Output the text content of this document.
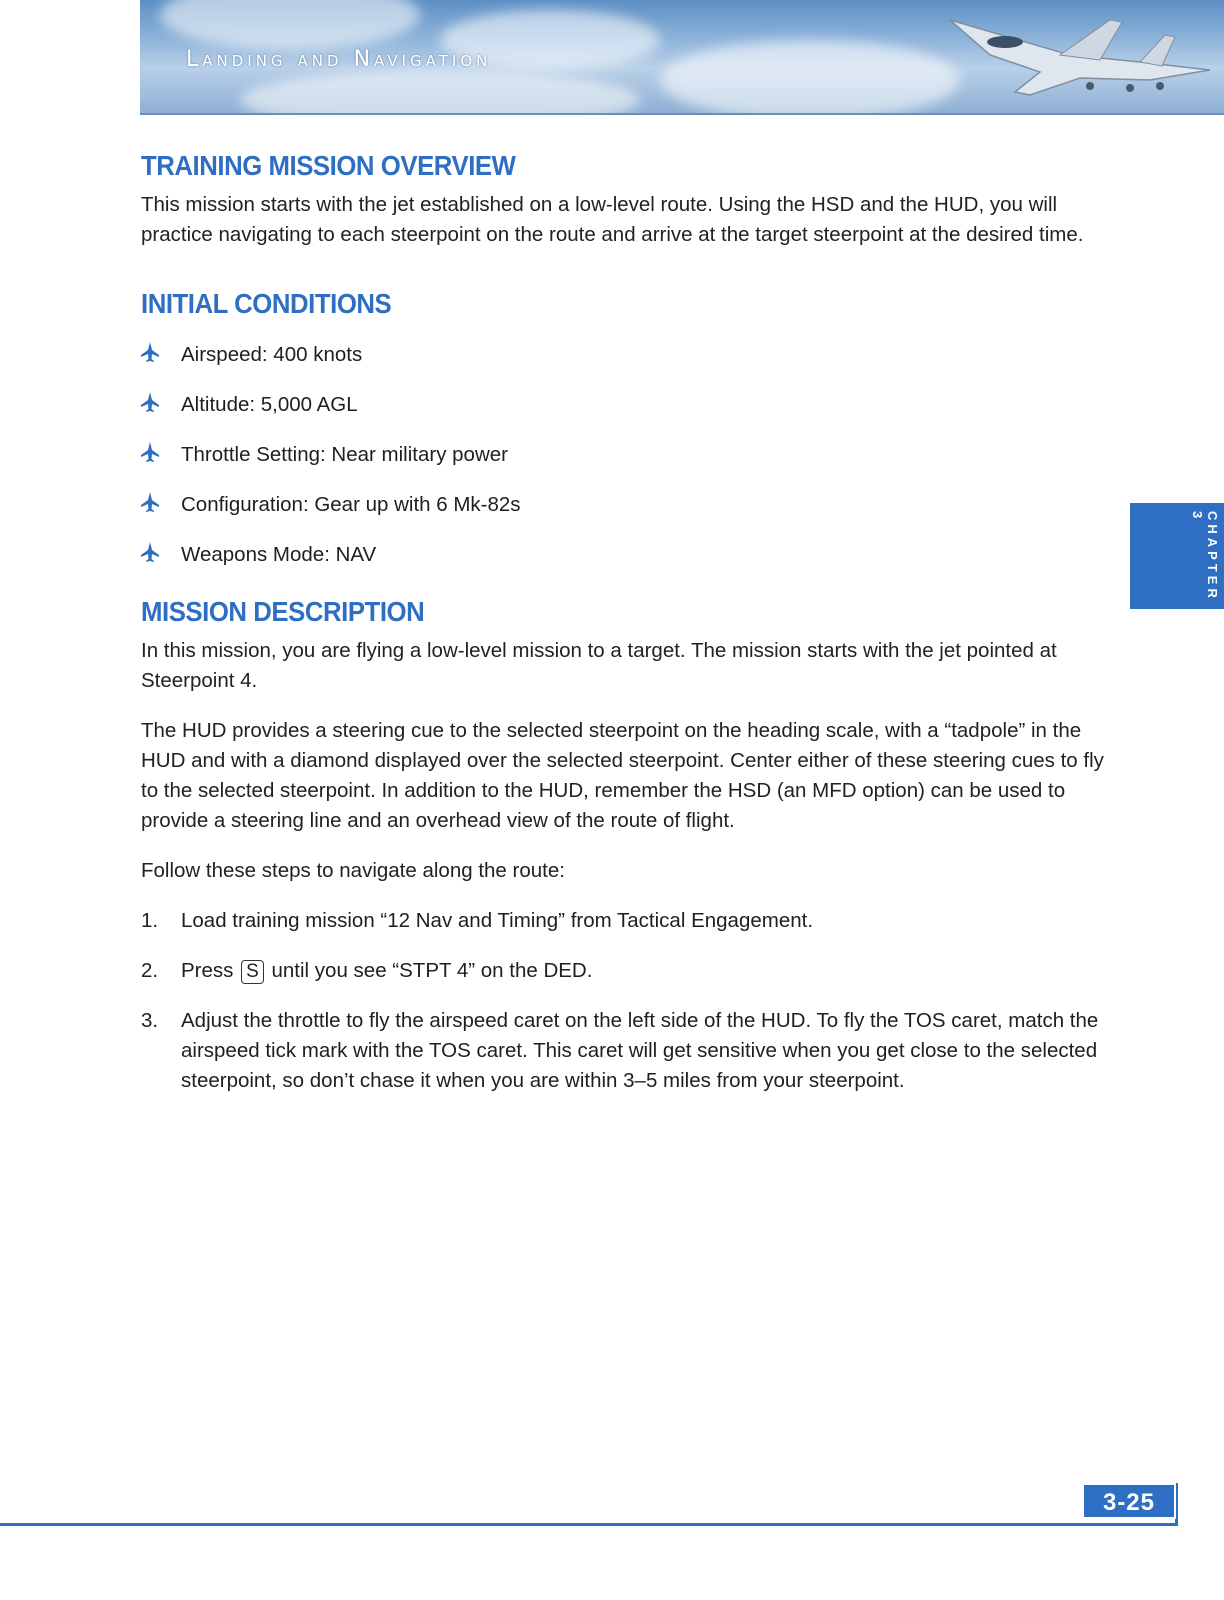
Landing and Navigation
CHAPTER 3
TRAINING MISSION OVERVIEW

This mission starts with the jet established on a low-level route. Using the HSD and the HUD, you will practice navigating to each steerpoint on the route and arrive at the target steerpoint at the desired time.

INITIAL CONDITIONS
Airspeed: 400 knots
Altitude: 5,000 AGL
Throttle Setting: Near military power
Configuration: Gear up with 6 Mk-82s
Weapons Mode: NAV
MISSION DESCRIPTION

In this mission, you are flying a low-level mission to a target. The mission starts with the jet pointed at Steerpoint 4.

The HUD provides a steering cue to the selected steerpoint on the heading scale, with a “tadpole” in the HUD and with a diamond displayed over the selected steerpoint. Center either of these steering cues to fly to the selected steerpoint. In addition to the HUD, remember the HSD (an MFD option) can be used to provide a steering line and an overhead view of the route of flight.

Follow these steps to navigate along the route:

1.	Load training mission “12 Nav and Timing” from Tactical Engagement.
2.	Press S until you see “STPT 4” on the DED.
3.	Adjust the throttle to fly the airspeed caret on the left side of the HUD. To fly the TOS caret, match the airspeed tick mark with the TOS caret. This caret will get sensitive when you get close to the selected steerpoint, so don’t chase it when you are within 3–5 miles from your steerpoint.
3-25
